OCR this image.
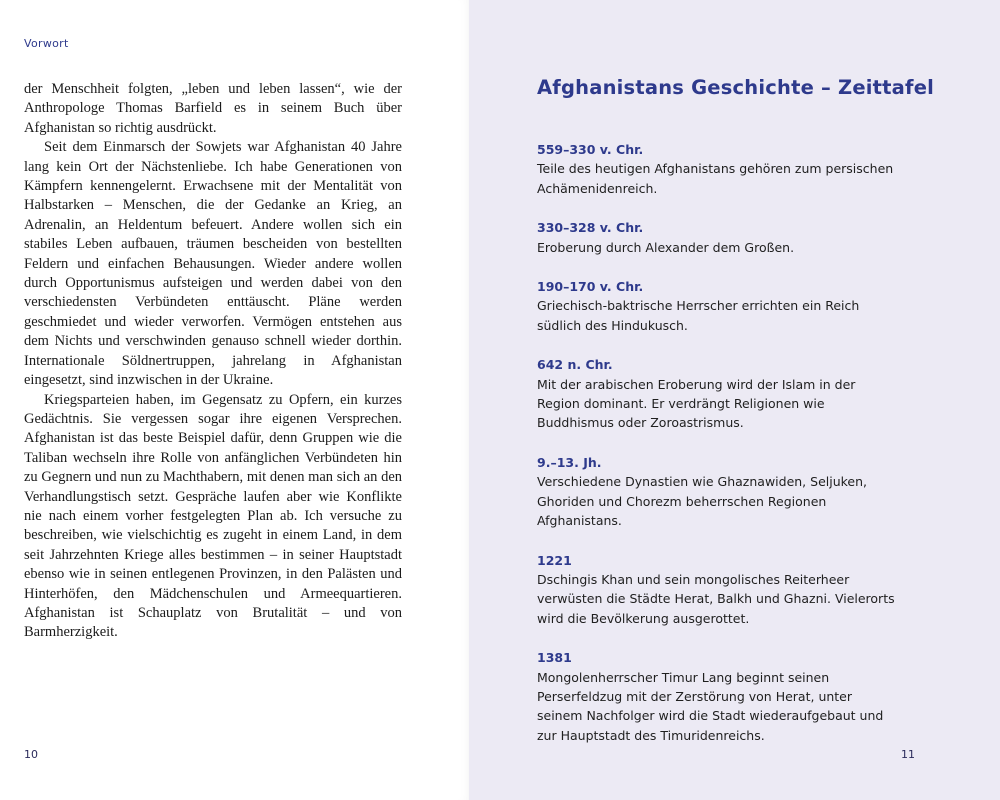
Vorwort

der Menschheit folgten, „leben und leben lassen“, wie der Anthropologe Thomas Barfield es in seinem Buch über Afghanistan so richtig ausdrückt.

Seit dem Einmarsch der Sowjets war Afghanistan 40 Jahre lang kein Ort der Nächstenliebe. Ich habe Generationen von Kämpfern kennengelernt. Erwachsene mit der Mentalität von Halbstarken – Menschen, die der Gedanke an Krieg, an Adrenalin, an Heldentum befeuert. Andere wollen sich ein stabiles Leben aufbauen, träumen bescheiden von bestellten Feldern und einfachen Behausungen. Wieder andere wollen durch Opportunismus aufsteigen und werden dabei von den verschiedensten Verbündeten enttäuscht. Pläne werden geschmiedet und wieder verworfen. Vermögen entstehen aus dem Nichts und verschwinden genauso schnell wieder dorthin. Internationale Söldnertruppen, jahrelang in Afghanistan eingesetzt, sind inzwischen in der Ukraine.

Kriegsparteien haben, im Gegensatz zu Opfern, ein kurzes Gedächtnis. Sie vergessen sogar ihre eigenen Versprechen. Afghanistan ist das beste Beispiel dafür, denn Gruppen wie die Taliban wechseln ihre Rolle von anfänglichen Verbündeten hin zu Gegnern und nun zu Machthabern, mit denen man sich an den Verhandlungstisch setzt. Gespräche laufen aber wie Konflikte nie nach einem vorher festgelegten Plan ab. Ich versuche zu beschreiben, wie vielschichtig es zugeht in einem Land, in dem seit Jahrzehnten Kriege alles bestimmen – in seiner Hauptstadt ebenso wie in seinen entlegenen Provinzen, in den Palästen und Hinterhöfen, den Mädchenschulen und Armeequartieren. Afghanistan ist Schauplatz von Brutalität – und von Barmherzigkeit.

10
Afghanistans Geschichte – Zeittafel
559–330 v. Chr.
Teile des heutigen Afghanistans gehören zum persischen Achämenidenreich.
330–328 v. Chr.
Eroberung durch Alexander dem Großen.
190–170 v. Chr.
Griechisch-baktrische Herrscher errichten ein Reich südlich des Hindukusch.
642 n. Chr.
Mit der arabischen Eroberung wird der Islam in der Region dominant. Er verdrängt Religionen wie Buddhismus oder Zoroastrismus.
9.–13. Jh.
Verschiedene Dynastien wie Ghaznawiden, Seljuken, Ghoriden und Chorezm beherrschen Regionen Afghanistans.
1221
Dschingis Khan und sein mongolisches Reiterheer verwüsten die Städte Herat, Balkh und Ghazni. Vielerorts wird die Bevölkerung ausgerottet.
1381
Mongolenherrscher Timur Lang beginnt seinen Perserfeldzug mit der Zerstörung von Herat, unter seinem Nachfolger wird die Stadt wiederaufgebaut und zur Hauptstadt des Timuridenreichs.
11
